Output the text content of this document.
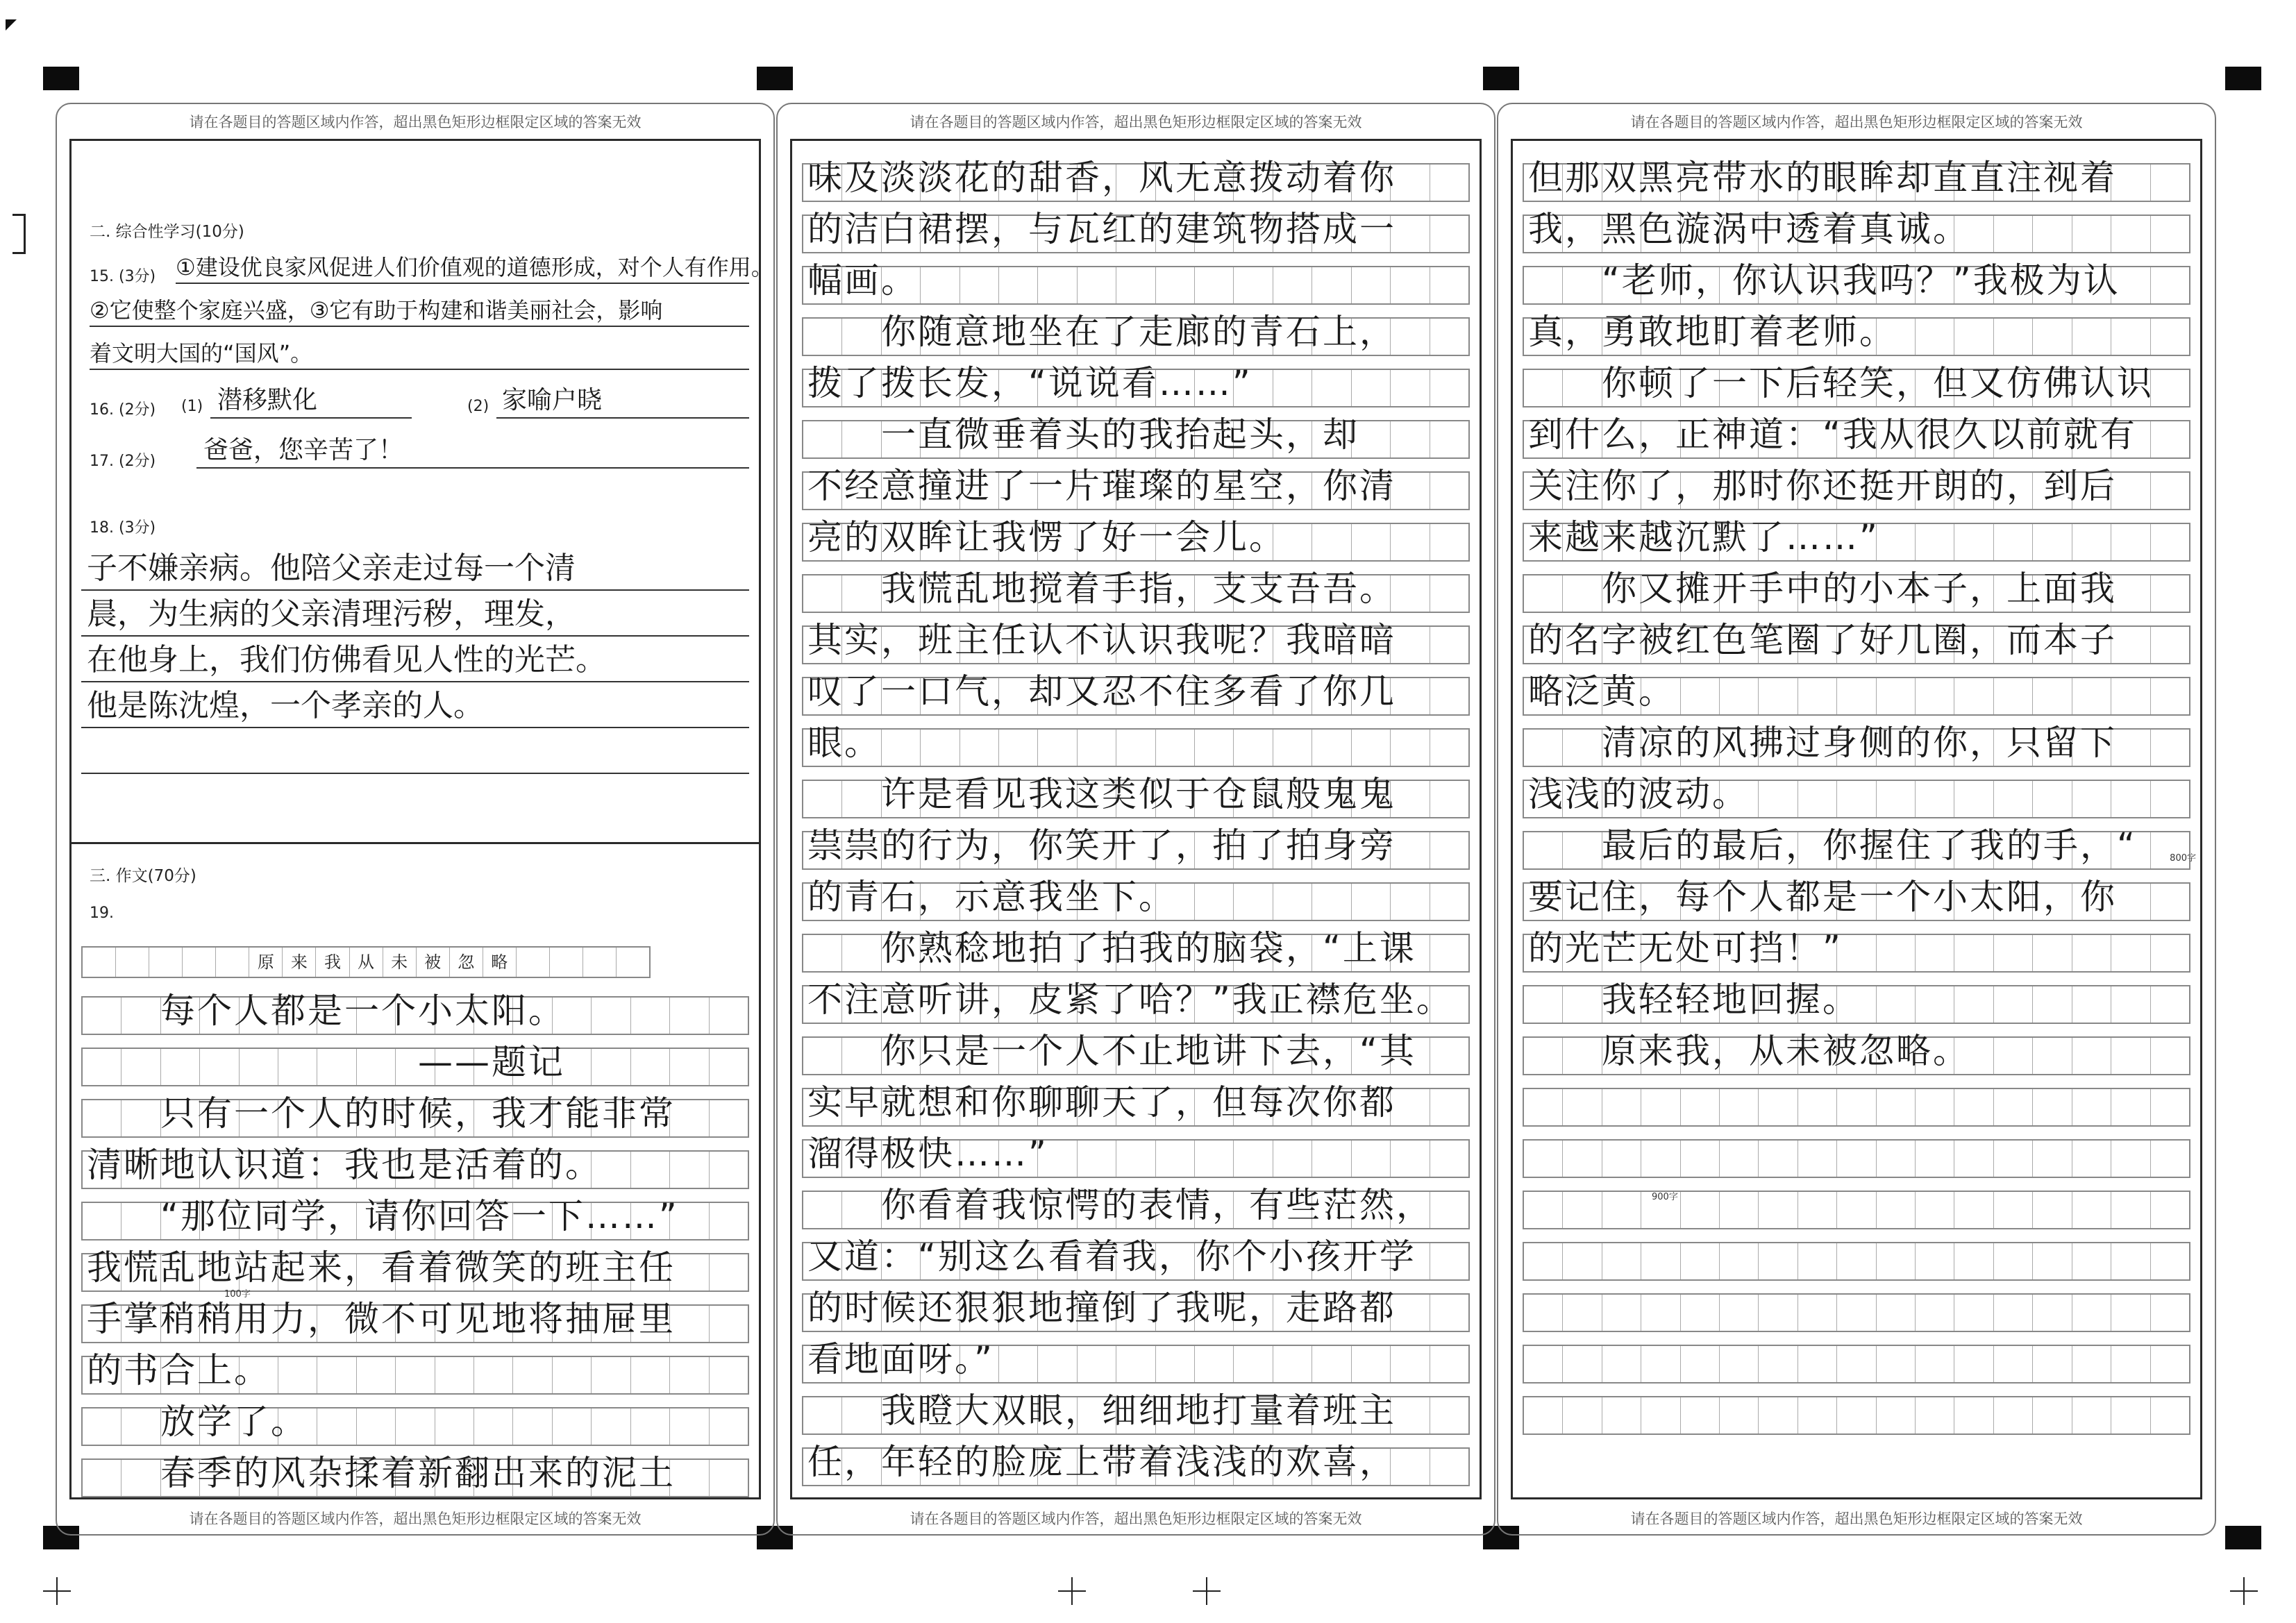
请在各题目的答题区域内作答，超出黑色矩形边框限定区域的答案无效
二. 综合性学习(10分)
15. (3分) ①建设优良家风促进人们价值观的道德形成，对个人有作用。
②它使整个家庭兴盛，③它有助于构建和谐美丽社会，影响
着文明大国的“国风”。
16. (2分) (1) 潜移默化	(2) 家喻户晓
17. (2分) 爸爸，您辛苦了！
18. (3分)
子不嫌亲病。他陪父亲走过每一个清
晨，为生病的父亲清理污秽，理发，
在他身上，我们仿佛看见人性的光芒。
他是陈沈煌，一个孝亲的人。
三. 作文(70分)
19.
原	来	我	从	未	被	忽	略
　　每个人都是一个小太阳。
　　　　　　　　　——题记
　　只有一个人的时候，我才能非常
清晰地认识道：我也是活着的。
　　“那位同学，请你回答一下……”
我慌乱地站起来，看着微笑的班主任
手掌稍稍用力，微不可见地将抽屉里
的书合上。
　　放学了。
　　春季的风杂揉着新翻出来的泥土
100字
请在各题目的答题区域内作答，超出黑色矩形边框限定区域的答案无效
请在各题目的答题区域内作答，超出黑色矩形边框限定区域的答案无效
味及淡淡花的甜香，风无意拨动着你
的洁白裙摆，与瓦红的建筑物搭成一
幅画。
　　你随意地坐在了走廊的青石上，
拨了拨长发，“说说看……”
　　一直微垂着头的我抬起头，却
不经意撞进了一片璀璨的星空，你清
亮的双眸让我愣了好一会儿。
　　我慌乱地搅着手指，支支吾吾。
其实，班主任认不认识我呢？我暗暗
叹了一口气，却又忍不住多看了你几
眼。
　　许是看见我这类似于仓鼠般鬼鬼
祟祟的行为，你笑开了，拍了拍身旁
的青石，示意我坐下。
　　你熟稔地拍了拍我的脑袋，“上课
不注意听讲，皮紧了哈？”我正襟危坐。
　　你只是一个人不止地讲下去，“其
实早就想和你聊聊天了，但每次你都
溜得极快……”
　　你看着我惊愕的表情，有些茫然，
又道：“别这么看着我，你个小孩开学
的时候还狠狠地撞倒了我呢，走路都
看地面呀。”
　　我瞪大双眼，细细地打量着班主
任，年轻的脸庞上带着浅浅的欢喜，
请在各题目的答题区域内作答，超出黑色矩形边框限定区域的答案无效
请在各题目的答题区域内作答，超出黑色矩形边框限定区域的答案无效
但那双黑亮带水的眼眸却直直注视着
我，黑色漩涡中透着真诚。
　　“老师，你认识我吗？”我极为认
真，勇敢地盯着老师。
　　你顿了一下后轻笑，但又仿佛认识
到什么，正神道：“我从很久以前就有
关注你了，那时你还挺开朗的，到后
来越来越沉默了……”
　　你又摊开手中的小本子，上面我
的名字被红色笔圈了好几圈，而本子
略泛黄。
　　清凉的风拂过身侧的你，只留下
浅浅的波动。
　　最后的最后，你握住了我的手，“
要记住，每个人都是一个小太阳，你
的光芒无处可挡！”
　　我轻轻地回握。
　　原来我，从未被忽略。
800字
900字
请在各题目的答题区域内作答，超出黑色矩形边框限定区域的答案无效
